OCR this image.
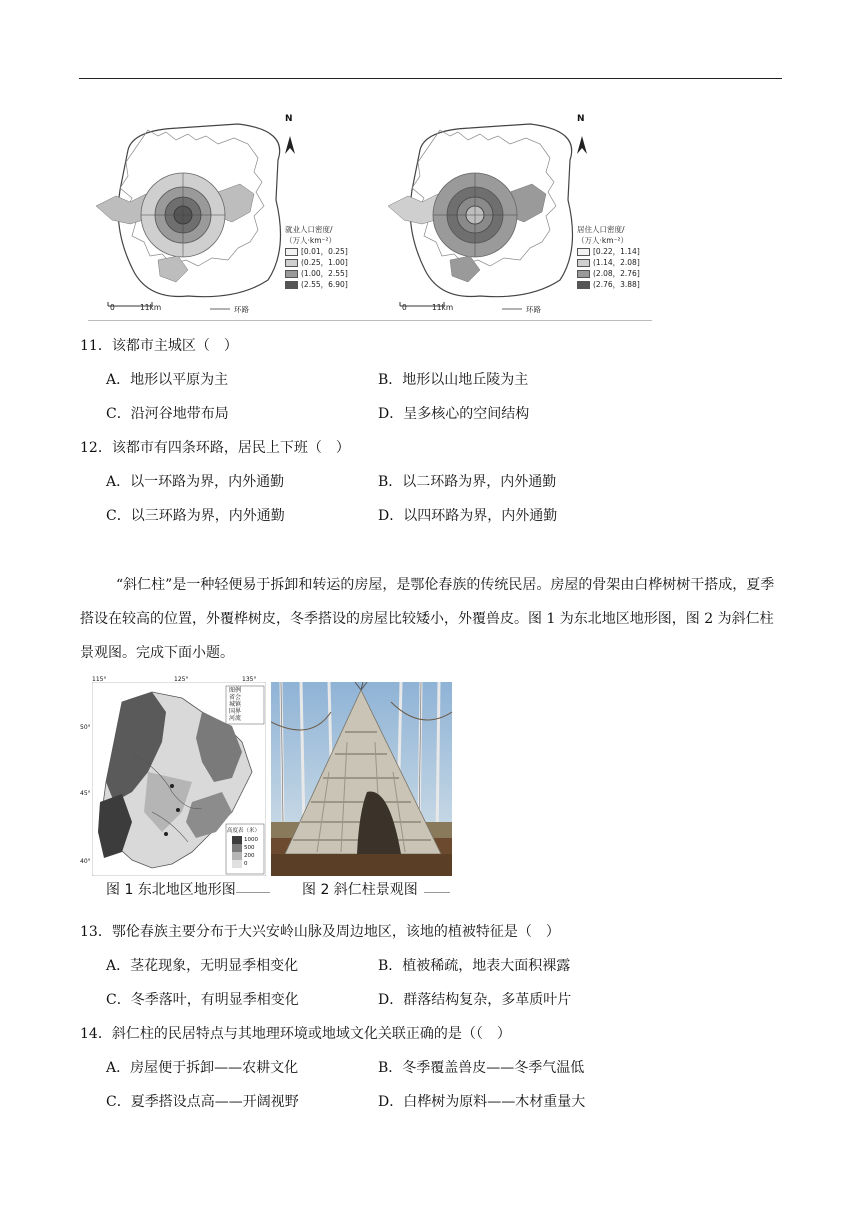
N
就业人口密度/
（万人·km⁻²）
[0.01，0.25]
(0.25，1.00]
(1.00，2.55]
(2.55，6.90]
0	11km	环路
N
居住人口密度/
（万人·km⁻²）
[0.22，1.14]
(1.14，2.08]
(2.08，2.76]
(2.76，3.88]
0	11km	环路
11．该都市主城区（　）
A．地形以平原为主	B．地形以山地丘陵为主
C．沿河谷地带布局	D．呈多核心的空间结构
12．该都市有四条环路，居民上下班（　）
A．以一环路为界，内外通勤	B．以二环路为界，内外通勤
C．以三环路为界，内外通勤	D．以四环路为界，内外通勤
“斜仁柱”是一种轻便易于拆卸和转运的房屋，是鄂伦春族的传统民居。房屋的骨架由白桦树树干搭成，夏季搭设在较高的位置，外覆桦树皮，冬季搭设的房屋比较矮小，外覆兽皮。图 1 为东北地区地形图，图 2 为斜仁柱景观图。完成下面小题。
115°	125°	135°
50°
45°
40°
图例
省会
城镇
国界
河流
高度表（米）
1000
500
200
0
图 1 东北地区地形图	图 2 斜仁柱景观图
13．鄂伦春族主要分布于大兴安岭山脉及周边地区，该地的植被特征是（　）
A．茎花现象，无明显季相变化	B．植被稀疏，地表大面积裸露
C．冬季落叶，有明显季相变化	D．群落结构复杂，多革质叶片
14．斜仁柱的民居特点与其地理环境或地域文化关联正确的是（（　）
A．房屋便于拆卸——农耕文化	B．冬季覆盖兽皮——冬季气温低
C．夏季搭设点高——开阔视野	D．白桦树为原料——木材重量大
